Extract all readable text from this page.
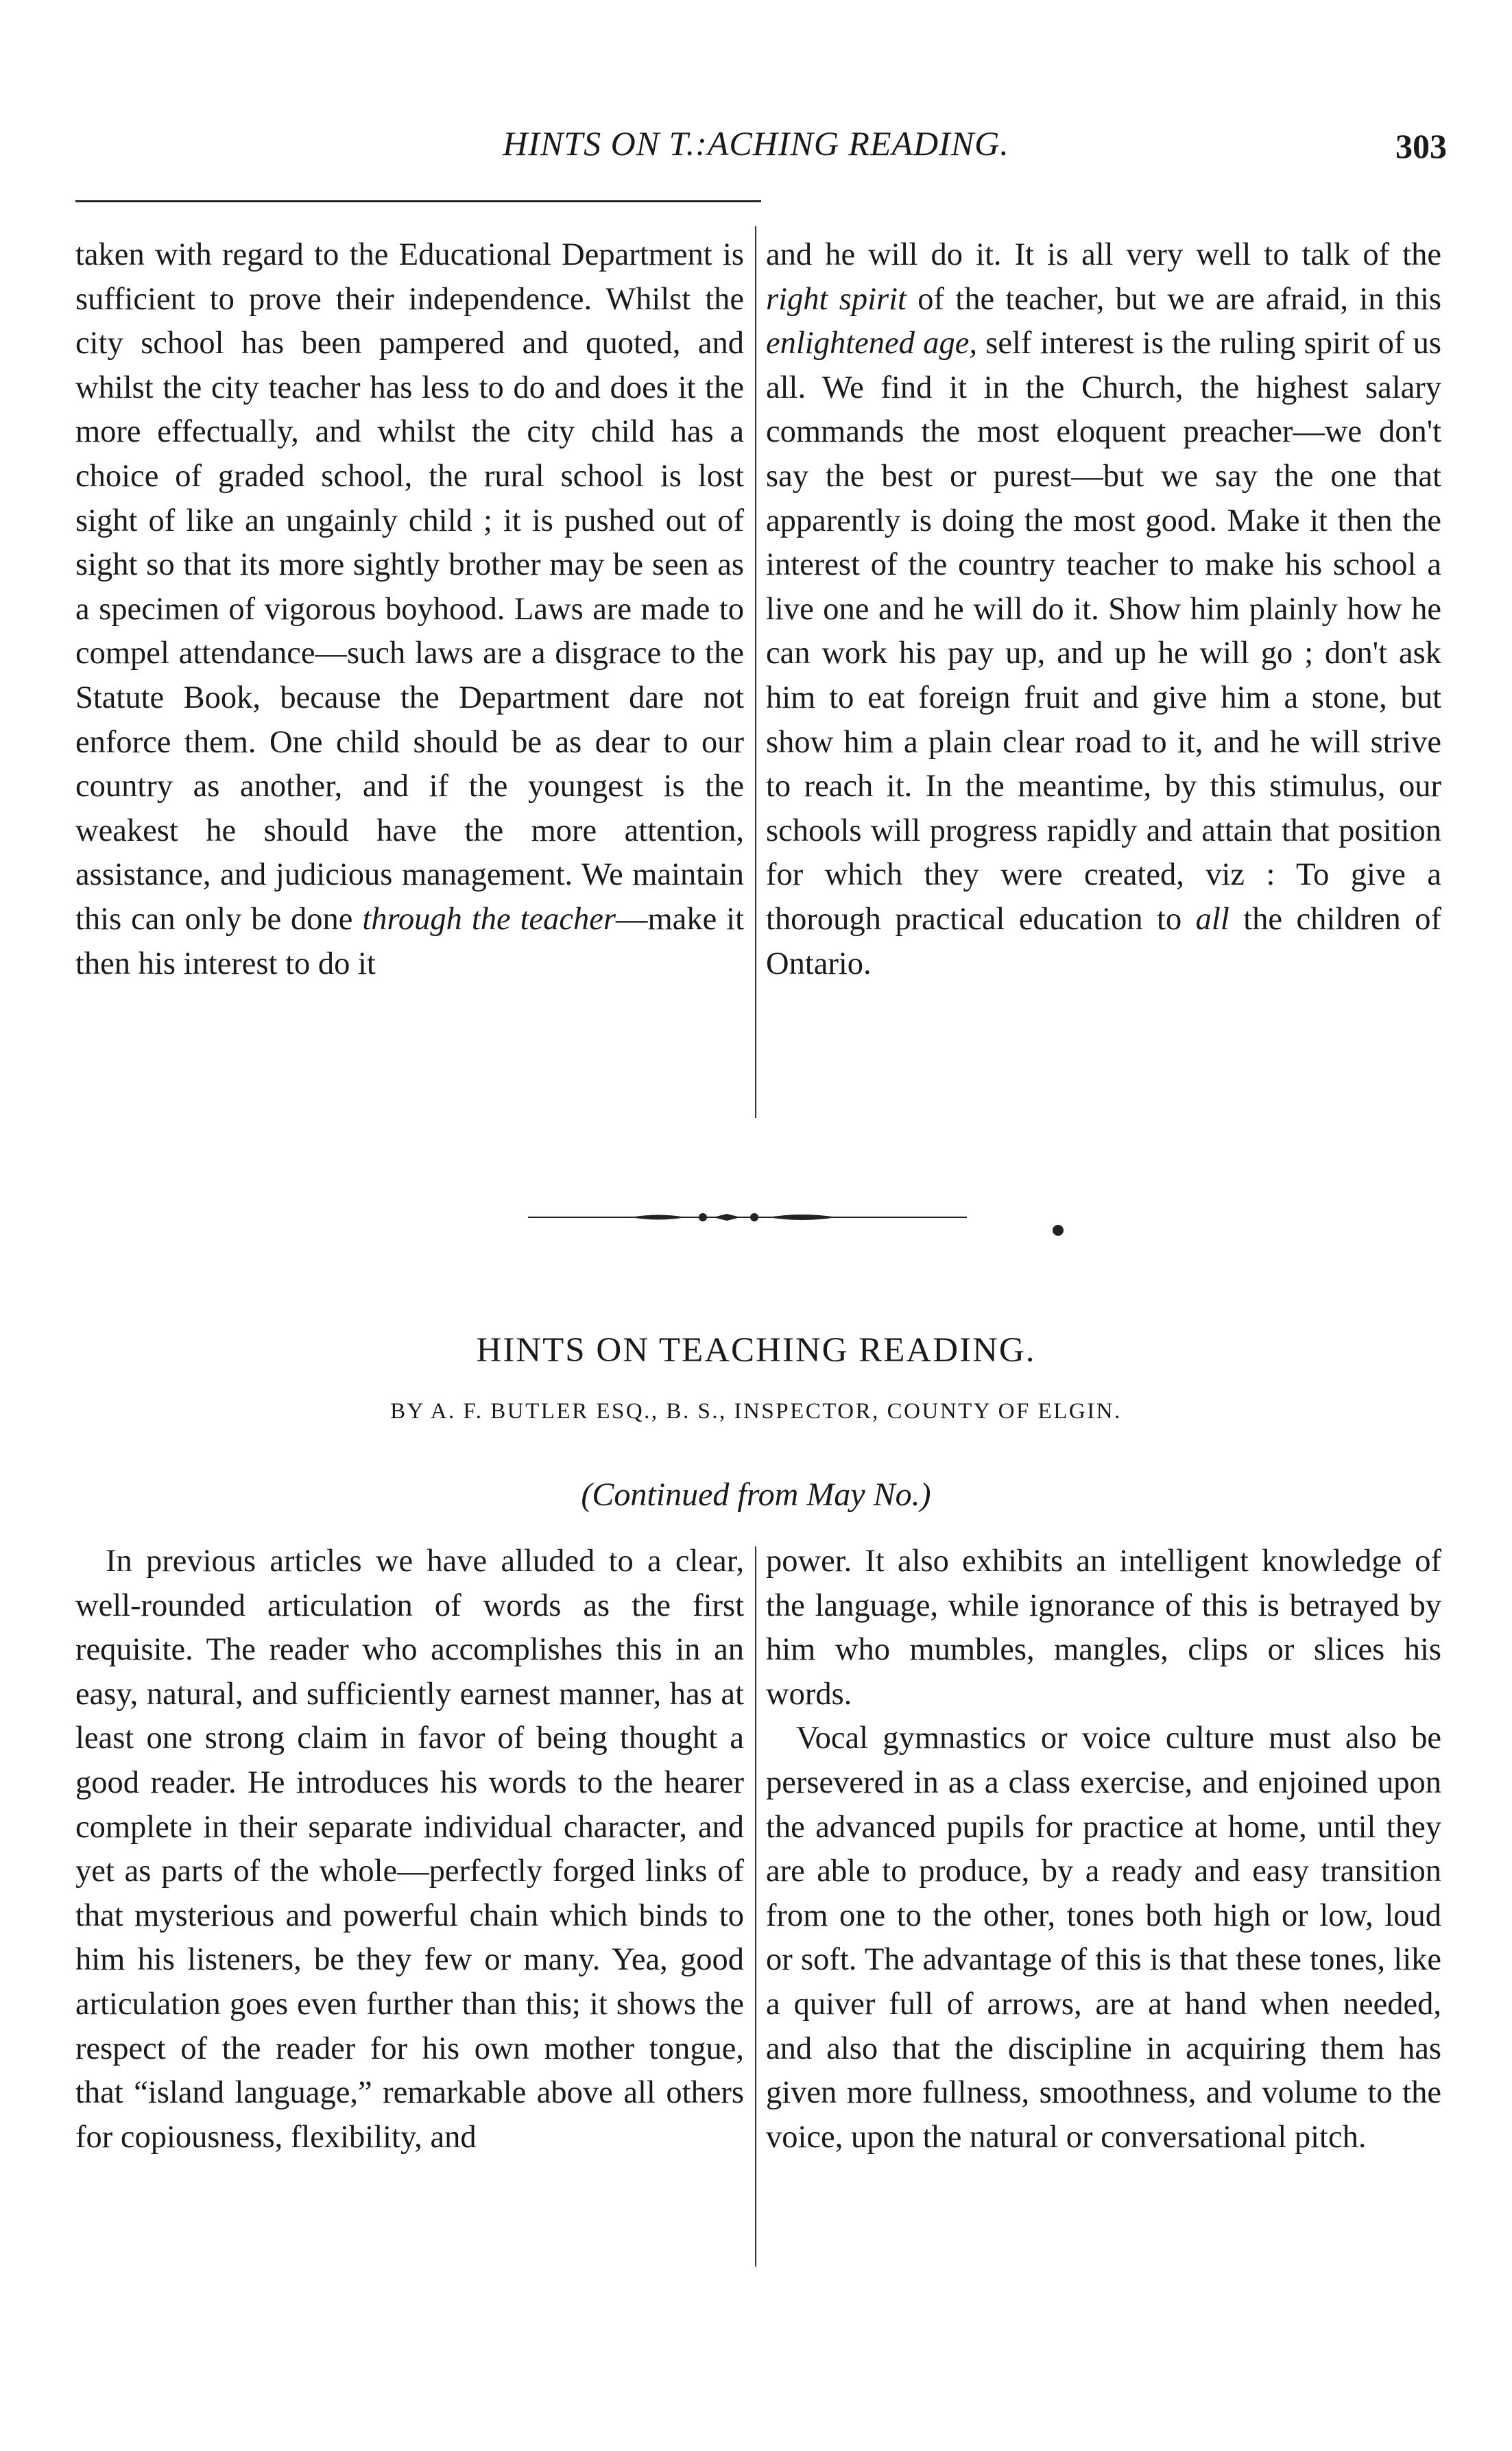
HINTS ON T.:ACHING READING.	303

taken with regard to the Educational Department is sufficient to prove their independence. Whilst the city school has been pampered and quoted, and whilst the city teacher has less to do and does it the more effectually, and whilst the city child has a choice of graded school, the rural school is lost sight of like an ungainly child ; it is pushed out of sight so that its more sightly brother may be seen as a specimen of vigorous boyhood. Laws are made to compel attendance—such laws are a disgrace to the Statute Book, because the Department dare not enforce them. One child should be as dear to our country as another, and if the youngest is the weakest he should have the more attention, assistance, and judicious management. We maintain this can only be done through the teacher—make it then his interest to do it

and he will do it. It is all very well to talk of the right spirit of the teacher, but we are afraid, in this enlightened age, self interest is the ruling spirit of us all. We find it in the Church, the highest salary commands the most eloquent preacher—we don't say the best or purest—but we say the one that apparently is doing the most good. Make it then the interest of the country teacher to make his school a live one and he will do it. Show him plainly how he can work his pay up, and up he will go ; don't ask him to eat foreign fruit and give him a stone, but show him a plain clear road to it, and he will strive to reach it. In the meantime, by this stimulus, our schools will progress rapidly and attain that position for which they were created, viz : To give a thorough practical education to all the children of Ontario.

HINTS ON TEACHING READING.
BY A. F. BUTLER ESQ., B. S., INSPECTOR, COUNTY OF ELGIN.
(Continued from May No.)

In previous articles we have alluded to a clear, well-rounded articulation of words as the first requisite. The reader who accomplishes this in an easy, natural, and sufficiently earnest manner, has at least one strong claim in favor of being thought a good reader. He introduces his words to the hearer complete in their separate individual character, and yet as parts of the whole—perfectly forged links of that mysterious and powerful chain which binds to him his listeners, be they few or many. Yea, good articulation goes even further than this; it shows the respect of the reader for his own mother tongue, that “island language,” remarkable above all others for copiousness, flexibility, and

power. It also exhibits an intelligent knowledge of the language, while ignorance of this is betrayed by him who mumbles, mangles, clips or slices his words.

Vocal gymnastics or voice culture must also be persevered in as a class exercise, and enjoined upon the advanced pupils for practice at home, until they are able to produce, by a ready and easy transition from one to the other, tones both high or low, loud or soft. The advantage of this is that these tones, like a quiver full of arrows, are at hand when needed, and also that the discipline in acquiring them has given more fullness, smoothness, and volume to the voice, upon the natural or conversational pitch.
